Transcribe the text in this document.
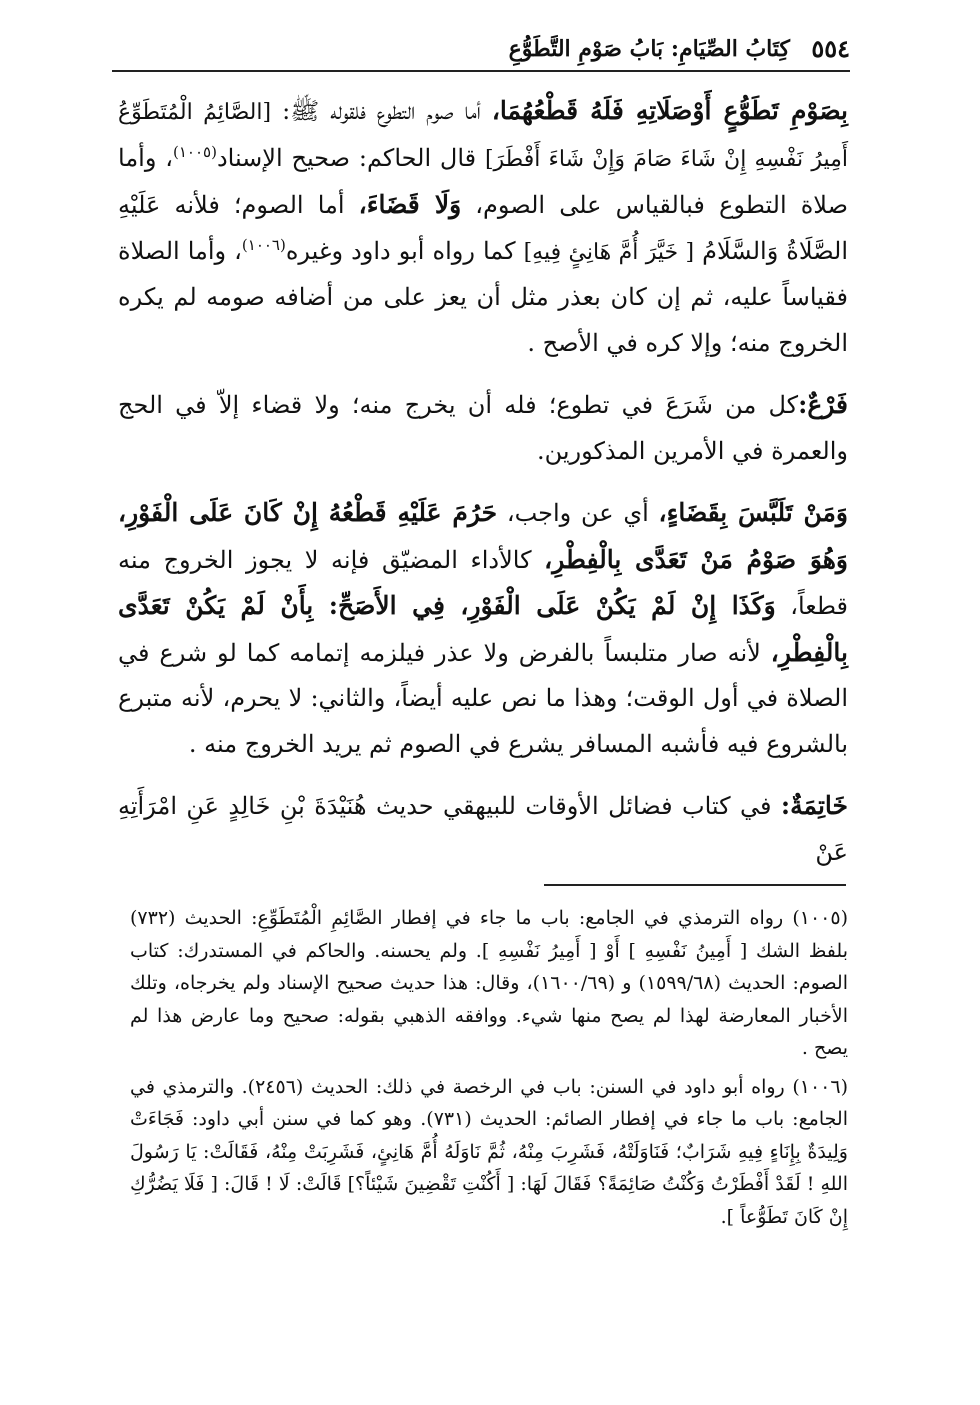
٥٥٤
كِتَابُ الصِّيَامِ: بَابُ صَوْمِ التَّطَوُّعِ

بِصَوْمِ تَطَوُّعٍ أَوْصَلَاتِهِ فَلَهُ قَطْعُهُمَا، أما صوم التطوع فلقوله ﷺ: [الصَّائِمُ الْمُتَطَوِّعُ أَمِيرُ نَفْسِهِ إِنْ شَاءَ صَامَ وَإِنْ شَاءَ أَفْطَرَ] قال الحاكم: صحيح الإسناد$^{(١٠٠٥)}$، وأما صلاة التطوع فبالقياس على الصوم، وَلَا قَضَاءَ، أما الصوم؛ فلأنه عَلَيْهِ الصَّلَاةُ وَالسَّلَامُ [ خَيَّرَ أُمَّ هَانِئٍ فِيهِ] كما رواه أبو داود وغيره$^{(١٠٠٦)}$، وأما الصلاة فقياساً عليه، ثم إن كان بعذر مثل أن يعز على من أضافه صومه لم يكره الخروج منه؛ وإلا كره في الأصح .

فَرْعٌ:كل من شَرَعَ في تطوع؛ فله أن يخرج منه؛ ولا قضاء إلاّ في الحج والعمرة في الأمرين المذكورين.

وَمَنْ تَلَبَّسَ بِقَضَاءٍ، أي عن واجب، حَرُمَ عَلَيْهِ قَطْعُهُ إِنْ كَانَ عَلَى الْفَوْرِ، وَهُوَ صَوْمُ مَنْ تَعَدَّى بِالْفِطْرِ، كالأداء المضيّق فإنه لا يجوز الخروج منه قطعاً، وَكَذَا إِنْ لَمْ يَكُنْ عَلَى الْفَوْرِ، فِي الأَصَحِّ: بِأَنْ لَمْ يَكُنْ تَعَدَّى بِالْفِطْرِ، لأنه صار متلبساً بالفرض ولا عذر فيلزمه إتمامه كما لو شرع في الصلاة في أول الوقت؛ وهذا ما نص عليه أيضاً، والثاني: لا يحرم، لأنه متبرع بالشروع فيه فأشبه المسافر يشرع في الصوم ثم يريد الخروج منه .

خَاتِمَةٌ: في كتاب فضائل الأوقات للبيهقي حديث هُنَيْدَةَ بْنِ خَالِدٍ عَنِ امْرَأَتِهِ عَنْ

(١٠٠٥) رواه الترمذي في الجامع: باب ما جاء في إفطار الصَّائِمِ الْمُتَطَوِّعِ: الحديث (٧٣٢) بلفظ الشك [ أَمِينُ نَفْسِهِ ] أَوْ [ أَمِيرُ نَفْسِهِ ]. ولم يحسنه. والحاكم في المستدرك: كتاب الصوم: الحديث (١٥٩٩/٦٨) و (١٦٠٠/٦٩)، وقال: هذا حديث صحيح الإسناد ولم يخرجاه، وتلك الأخبار المعارضة لهذا لم يصح منها شيء. ووافقه الذهبي بقوله: صحيح وما عارض هذا لم يصح .

(١٠٠٦) رواه أبو داود في السنن: باب في الرخصة في ذلك: الحديث (٢٤٥٦). والترمذي في الجامع: باب ما جاء في إفطار الصائم: الحديث (٧٣١). وهو كما في سنن أبي داود: فَجَاءَتْ وَلِيدَةٌ بِإِنَاءٍ فِيهِ شَرَابٌ؛ فَنَاوَلَتْهُ، فَشَرِبَ مِنْهُ، ثُمَّ نَاوَلَهُ أُمَّ هَانِئٍ، فَشَرِبَتْ مِنْهُ، فَقَالَتْ: يَا رَسُولَ اللهِ ! لَقَدْ أَفْطَرْتُ وَكُنْتُ صَائِمَةً؟ فَقَالَ لَهَا: [ أَكُنْتِ تَقْضِينَ شَيْئاً؟] قَالَتْ: لَا ! قَالَ: [ فَلَا يَضُرُّكِ إِنْ كَانَ تَطَوُّعاً ].
